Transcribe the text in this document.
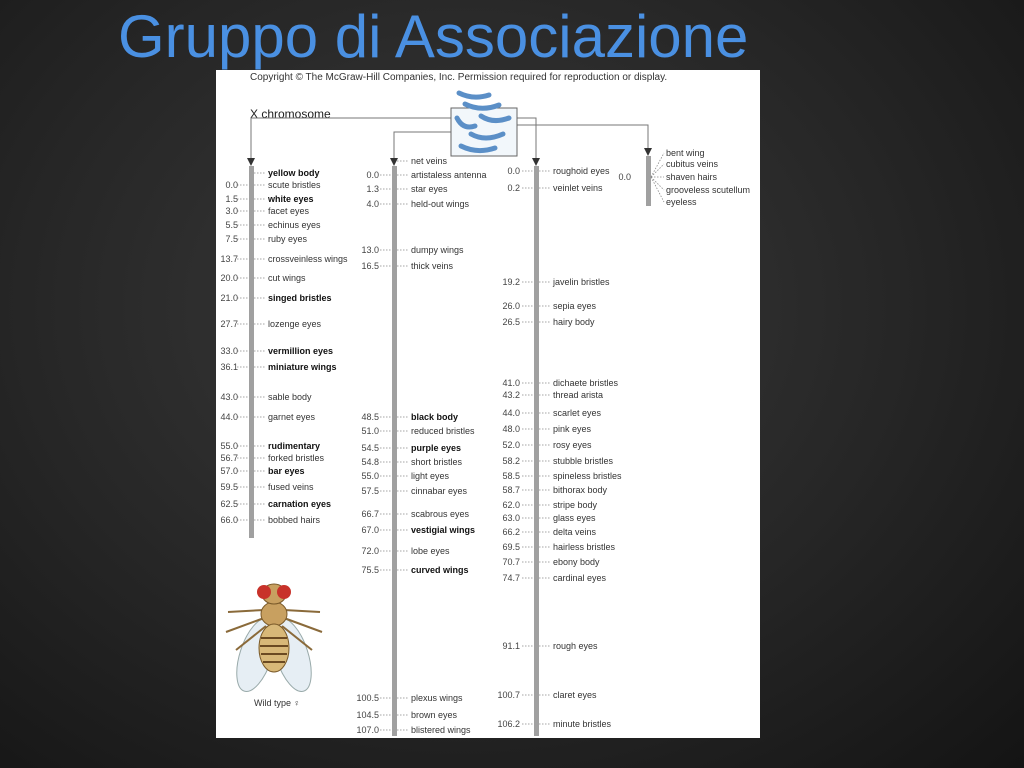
Gruppo di Associazione
Copyright © The McGraw-Hill Companies, Inc. Permission required for reproduction or display.
X chromosome
yellow body
0.0	scute bristles
1.5	white eyes
3.0	facet eyes
5.5	echinus eyes
7.5	ruby eyes
13.7	crossveinless wings
20.0	cut wings
21.0	singed bristles
27.7	lozenge eyes
33.0	vermillion eyes
36.1	miniature wings
43.0	sable body
44.0	garnet eyes
55.0	rudimentary
56.7	forked bristles
57.0	bar eyes
59.5	fused veins
62.5	carnation eyes
66.0	bobbed hairs
net veins
0.0	artistaless antenna
1.3	star eyes
4.0	held-out wings
13.0	dumpy wings
16.5	thick veins
48.5	black body
51.0	reduced bristles
54.5	purple eyes
54.8	short bristles
55.0	light eyes
57.5	cinnabar eyes
66.7	scabrous eyes
67.0	vestigial wings
72.0	lobe eyes
75.5	curved wings
100.5	plexus wings
104.5	brown eyes
107.0	blistered wings
0.0	roughoid eyes
0.2	veinlet veins
19.2	javelin bristles
26.0	sepia eyes
26.5	hairy body
41.0	dichaete bristles
43.2	thread arista
44.0	scarlet eyes
48.0	pink eyes
52.0	rosy eyes
58.2	stubble bristles
58.5	spineless bristles
58.7	bithorax body
62.0	stripe body
63.0	glass eyes
66.2	delta veins
69.5	hairless bristles
70.7	ebony body
74.7	cardinal eyes
91.1	rough eyes
100.7	claret eyes
106.2	minute bristles
0.0
bent wing
cubitus veins
shaven hairs
grooveless scutellum
eyeless
Wild type ♀
